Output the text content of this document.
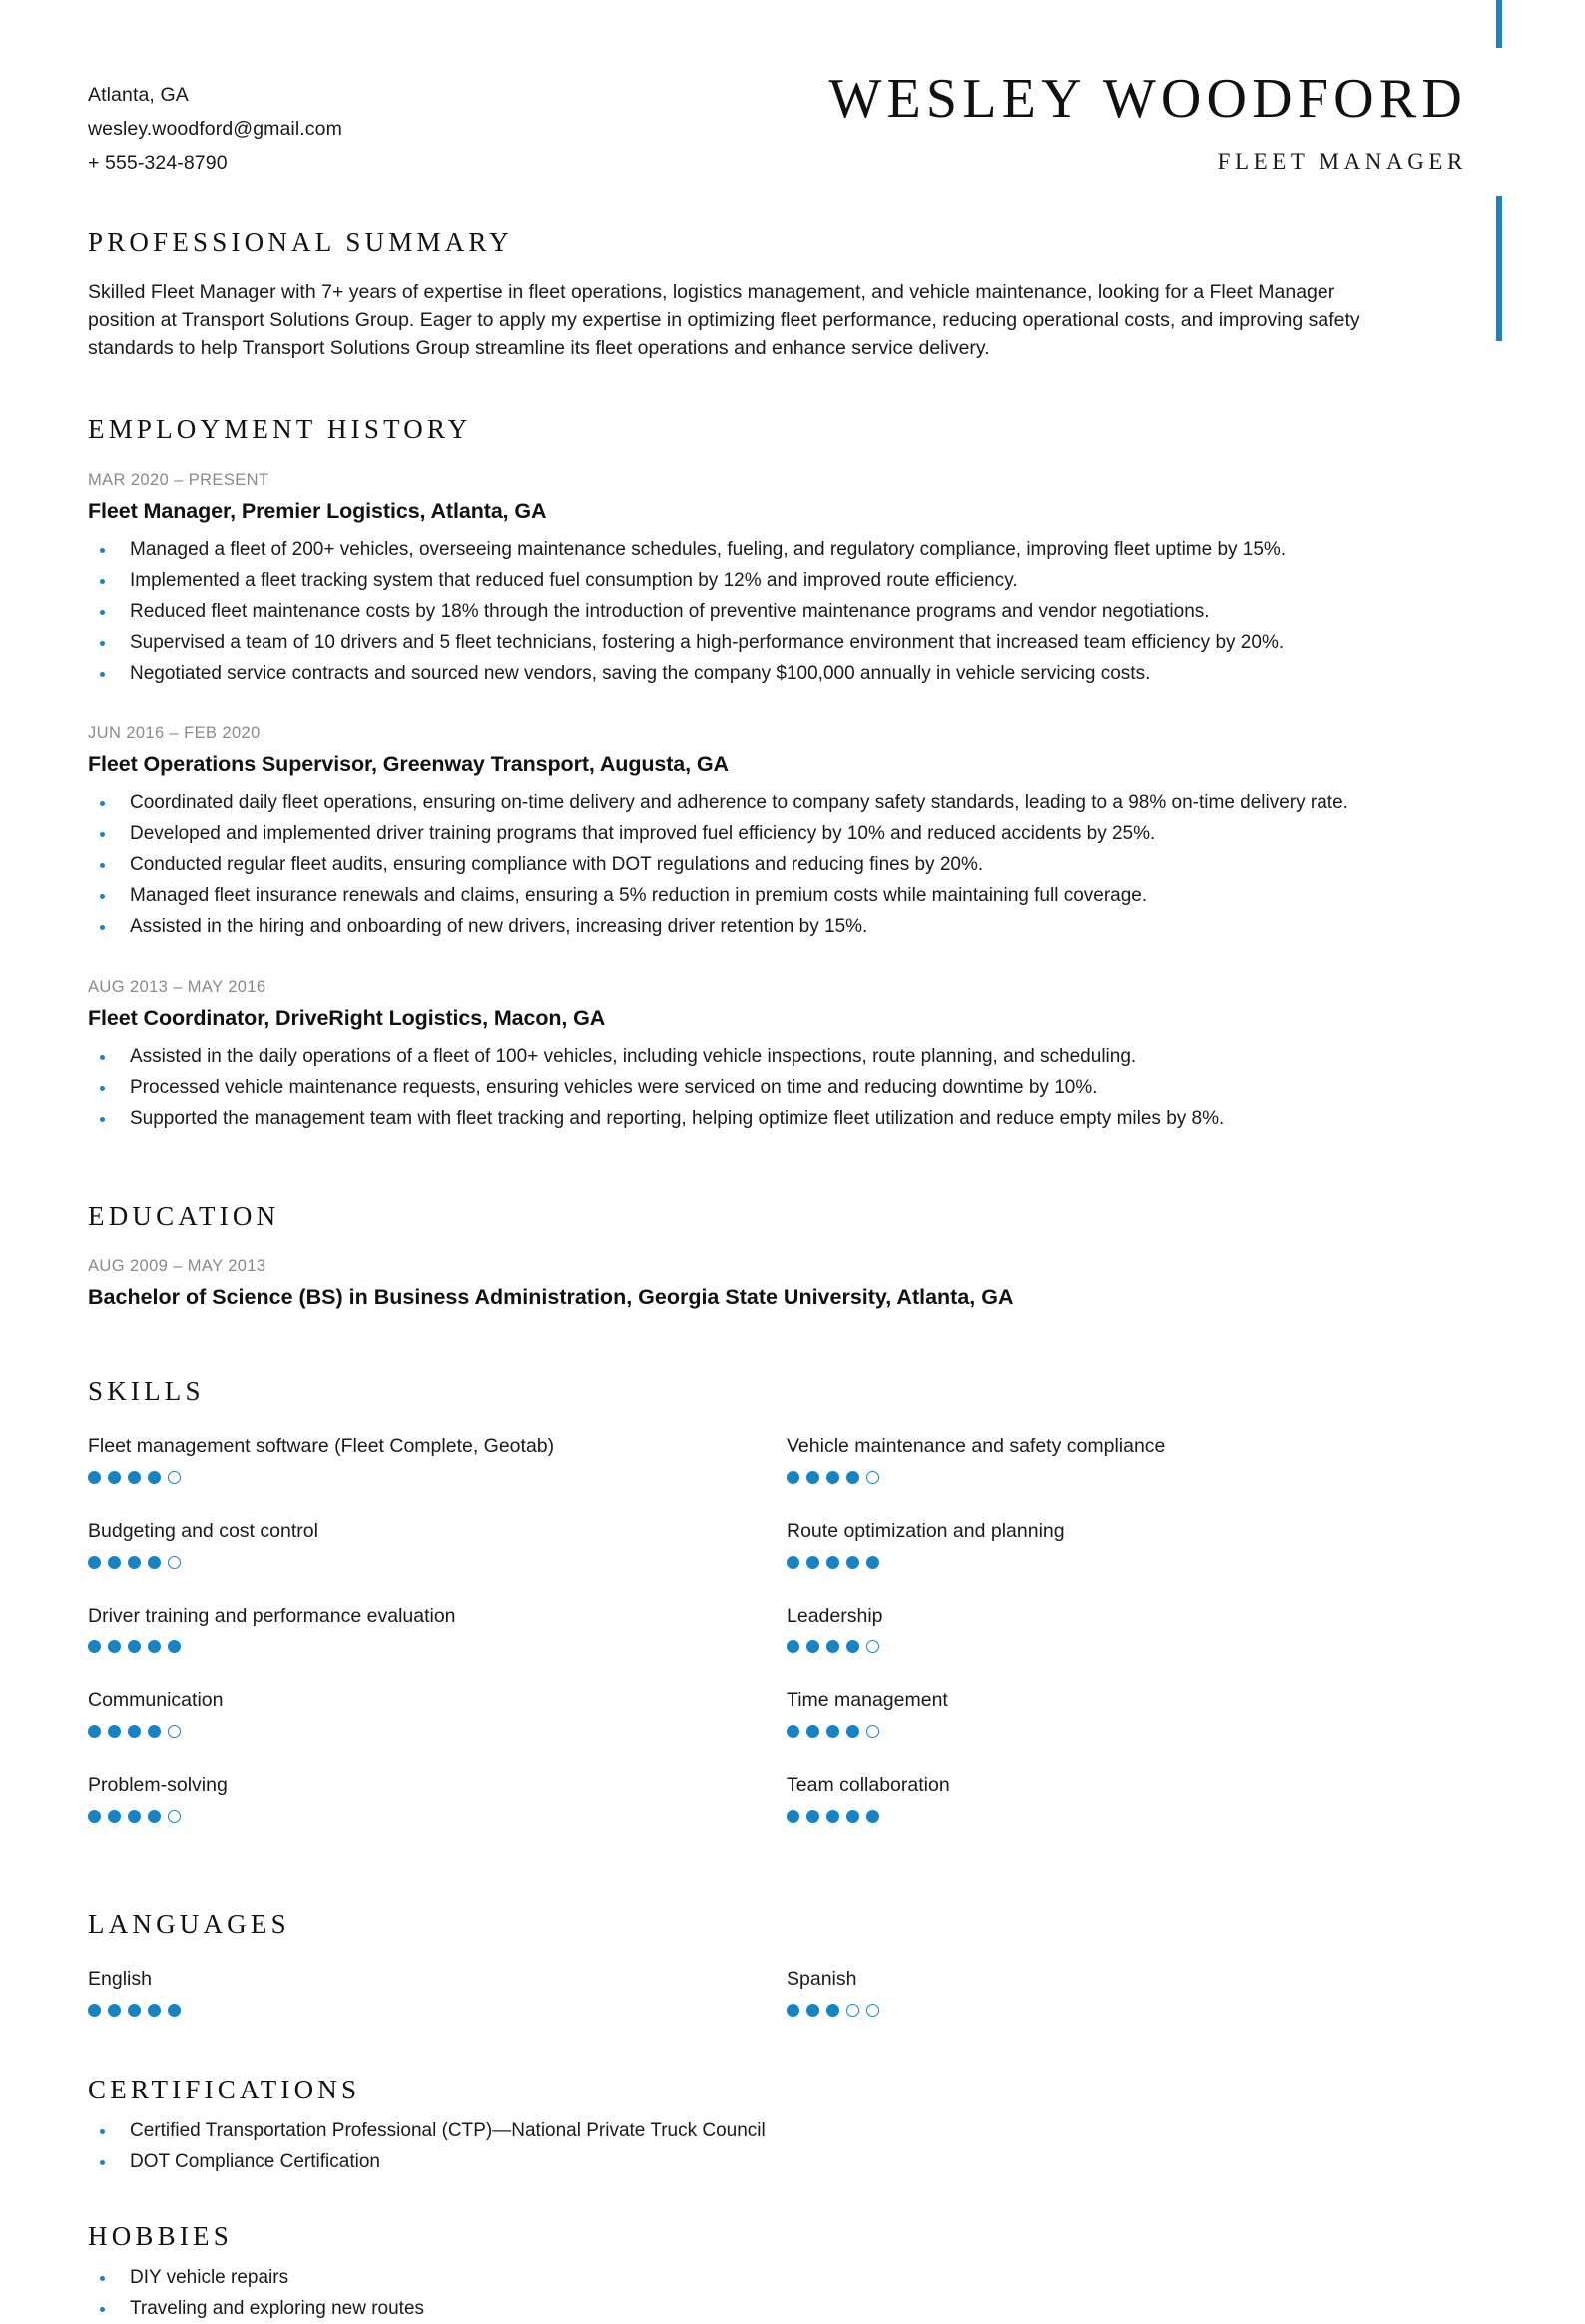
Atlanta, GA
wesley.woodford@gmail.com
+ 555-324-8790
WESLEY WOODFORD
FLEET MANAGER
PROFESSIONAL SUMMARY
Skilled Fleet Manager with 7+ years of expertise in fleet operations, logistics management, and vehicle maintenance, looking for a Fleet Manager position at Transport Solutions Group. Eager to apply my expertise in optimizing fleet performance, reducing operational costs, and improving safety standards to help Transport Solutions Group streamline its fleet operations and enhance service delivery.
EMPLOYMENT HISTORY
MAR 2020 – PRESENT
Fleet Manager, Premier Logistics, Atlanta, GA
Managed a fleet of 200+ vehicles, overseeing maintenance schedules, fueling, and regulatory compliance, improving fleet uptime by 15%.
Implemented a fleet tracking system that reduced fuel consumption by 12% and improved route efficiency.
Reduced fleet maintenance costs by 18% through the introduction of preventive maintenance programs and vendor negotiations.
Supervised a team of 10 drivers and 5 fleet technicians, fostering a high-performance environment that increased team efficiency by 20%.
Negotiated service contracts and sourced new vendors, saving the company $100,000 annually in vehicle servicing costs.
JUN 2016 – FEB 2020
Fleet Operations Supervisor, Greenway Transport, Augusta, GA
Coordinated daily fleet operations, ensuring on-time delivery and adherence to company safety standards, leading to a 98% on-time delivery rate.
Developed and implemented driver training programs that improved fuel efficiency by 10% and reduced accidents by 25%.
Conducted regular fleet audits, ensuring compliance with DOT regulations and reducing fines by 20%.
Managed fleet insurance renewals and claims, ensuring a 5% reduction in premium costs while maintaining full coverage.
Assisted in the hiring and onboarding of new drivers, increasing driver retention by 15%.
AUG 2013 – MAY 2016
Fleet Coordinator, DriveRight Logistics, Macon, GA
Assisted in the daily operations of a fleet of 100+ vehicles, including vehicle inspections, route planning, and scheduling.
Processed vehicle maintenance requests, ensuring vehicles were serviced on time and reducing downtime by 10%.
Supported the management team with fleet tracking and reporting, helping optimize fleet utilization and reduce empty miles by 8%.
EDUCATION
AUG 2009 – MAY 2013
Bachelor of Science (BS) in Business Administration, Georgia State University, Atlanta, GA
SKILLS
Fleet management software (Fleet Complete, Geotab)	Vehicle maintenance and safety compliance
Budgeting and cost control	Route optimization and planning
Driver training and performance evaluation	Leadership
Communication	Time management
Problem-solving	Team collaboration
LANGUAGES
English	Spanish
CERTIFICATIONS
Certified Transportation Professional (CTP)—National Private Truck Council
DOT Compliance Certification
HOBBIES
DIY vehicle repairs
Traveling and exploring new routes
